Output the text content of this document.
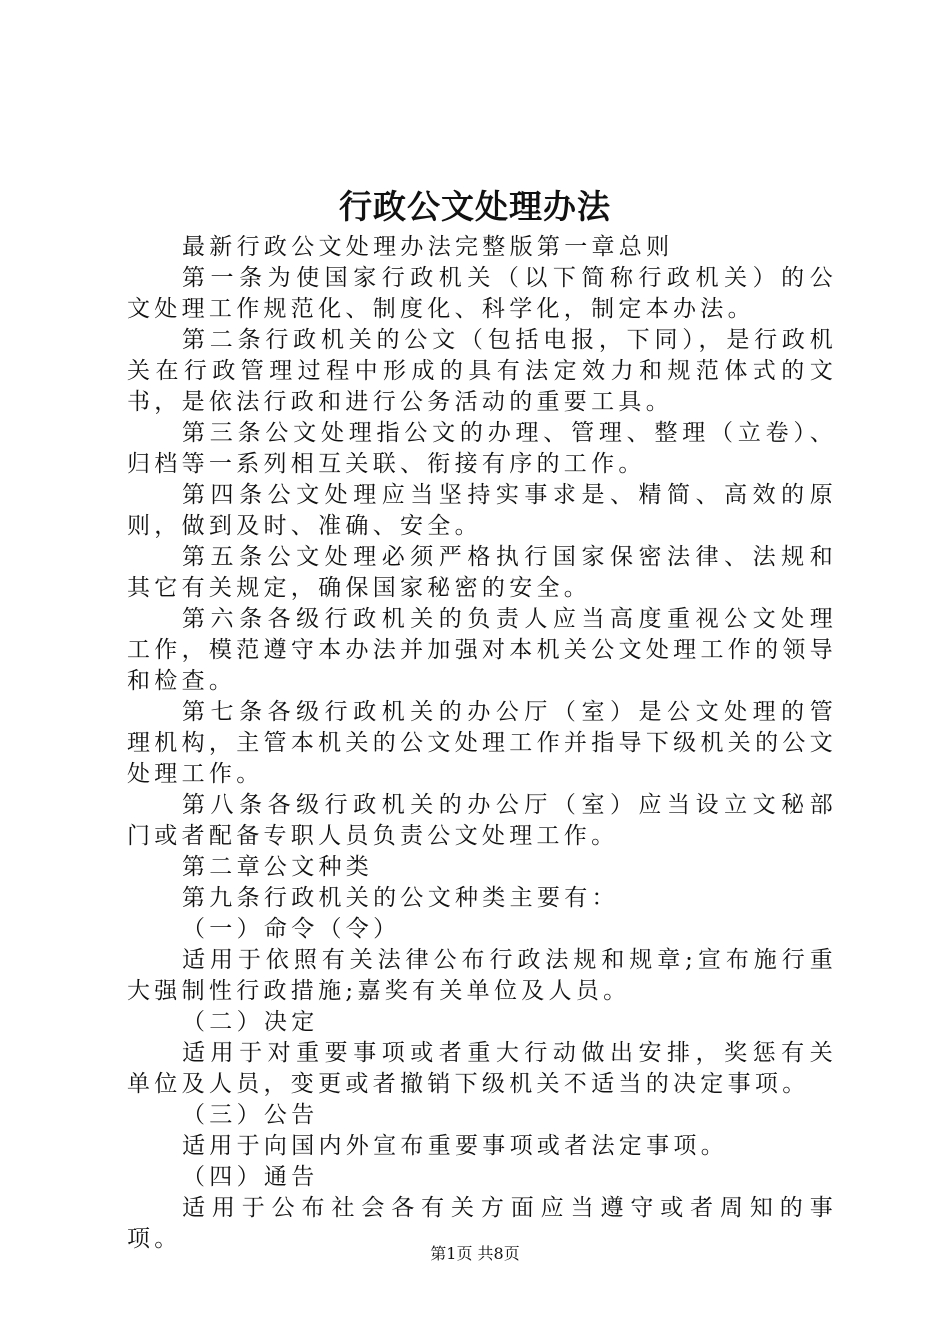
行政公文处理办法

最新行政公文处理办法完整版第一章总则

第一条为使国家行政机关（以下简称行政机关）的公文处理工作规范化、制度化、科学化，制定本办法。

第二条行政机关的公文（包括电报，下同），是行政机关在行政管理过程中形成的具有法定效力和规范体式的文书，是依法行政和进行公务活动的重要工具。

第三条公文处理指公文的办理、管理、整理（立卷）、归档等一系列相互关联、衔接有序的工作。

第四条公文处理应当坚持实事求是、精简、高效的原则，做到及时、准确、安全。

第五条公文处理必须严格执行国家保密法律、法规和其它有关规定，确保国家秘密的安全。

第六条各级行政机关的负责人应当高度重视公文处理工作，模范遵守本办法并加强对本机关公文处理工作的领导和检查。

第七条各级行政机关的办公厅（室）是公文处理的管理机构，主管本机关的公文处理工作并指导下级机关的公文处理工作。

第八条各级行政机关的办公厅（室）应当设立文秘部门或者配备专职人员负责公文处理工作。

第二章公文种类

第九条行政机关的公文种类主要有：

（一）命令（令）

适用于依照有关法律公布行政法规和规章;宣布施行重大强制性行政措施;嘉奖有关单位及人员。

（二）决定

适用于对重要事项或者重大行动做出安排，奖惩有关单位及人员，变更或者撤销下级机关不适当的决定事项。

（三）公告

适用于向国内外宣布重要事项或者法定事项。

（四）通告

适用于公布社会各有关方面应当遵守或者周知的事项。

第1页 共8页
